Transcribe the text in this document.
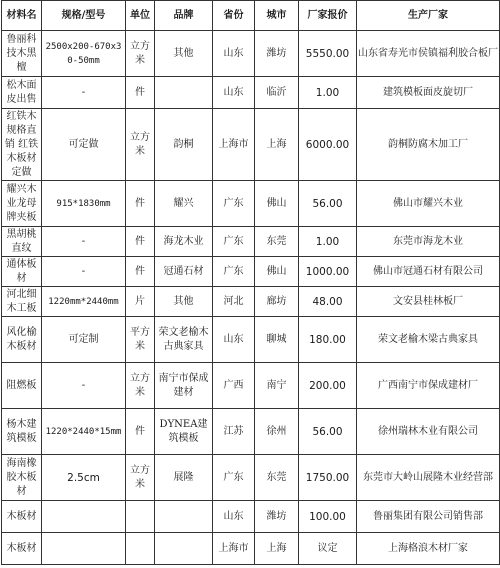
材料名	规格/型号	单位	品牌	省份	城市	厂家报价	生产厂家
鲁丽科技木黑檀	2500x200-670x30-50mm	立方米	其他	山东	潍坊	5550.00	山东省寿光市侯镇福利胶合板厂
松木面皮出售	-	件		山东	临沂	1.00	建筑模板面皮旋切厂
红铁木规格直销 红铁木板材定做	可定做	立方米	韵桐	上海市	上海	6000.00	韵桐防腐木加工厂
耀兴木业龙母牌夹板	915*1830mm	件	耀兴	广东	佛山	56.00	佛山市耀兴木业
黑胡桃直纹	-	件	海龙木业	广东	东莞	1.00	东莞市海龙木业
通体板材	-	件	冠通石材	广东	佛山	1000.00	佛山市冠通石材有限公司
河北细木工板	1220mm*2440mm	片	其他	河北	廊坊	48.00	文安县桂林板厂
风化榆木板材	可定制	平方米	荣文老榆木古典家具	山东	聊城	180.00	荣文老榆木梁古典家具
阻燃板	-	立方米	南宁市保成建材	广西	南宁	200.00	广西南宁市保成建材厂
杨木建筑模板	1220*2440*15mm	件	DYNEA建筑模板	江苏	徐州	56.00	徐州瑞林木业有限公司
海南橡胶木板材	2.5cm	立方米	展隆	广东	东莞	1750.00	东莞市大岭山展隆木业经营部
木板材				山东	潍坊	100.00	鲁丽集团有限公司销售部
木板材				上海市	上海	议定	上海格浪木材厂家
